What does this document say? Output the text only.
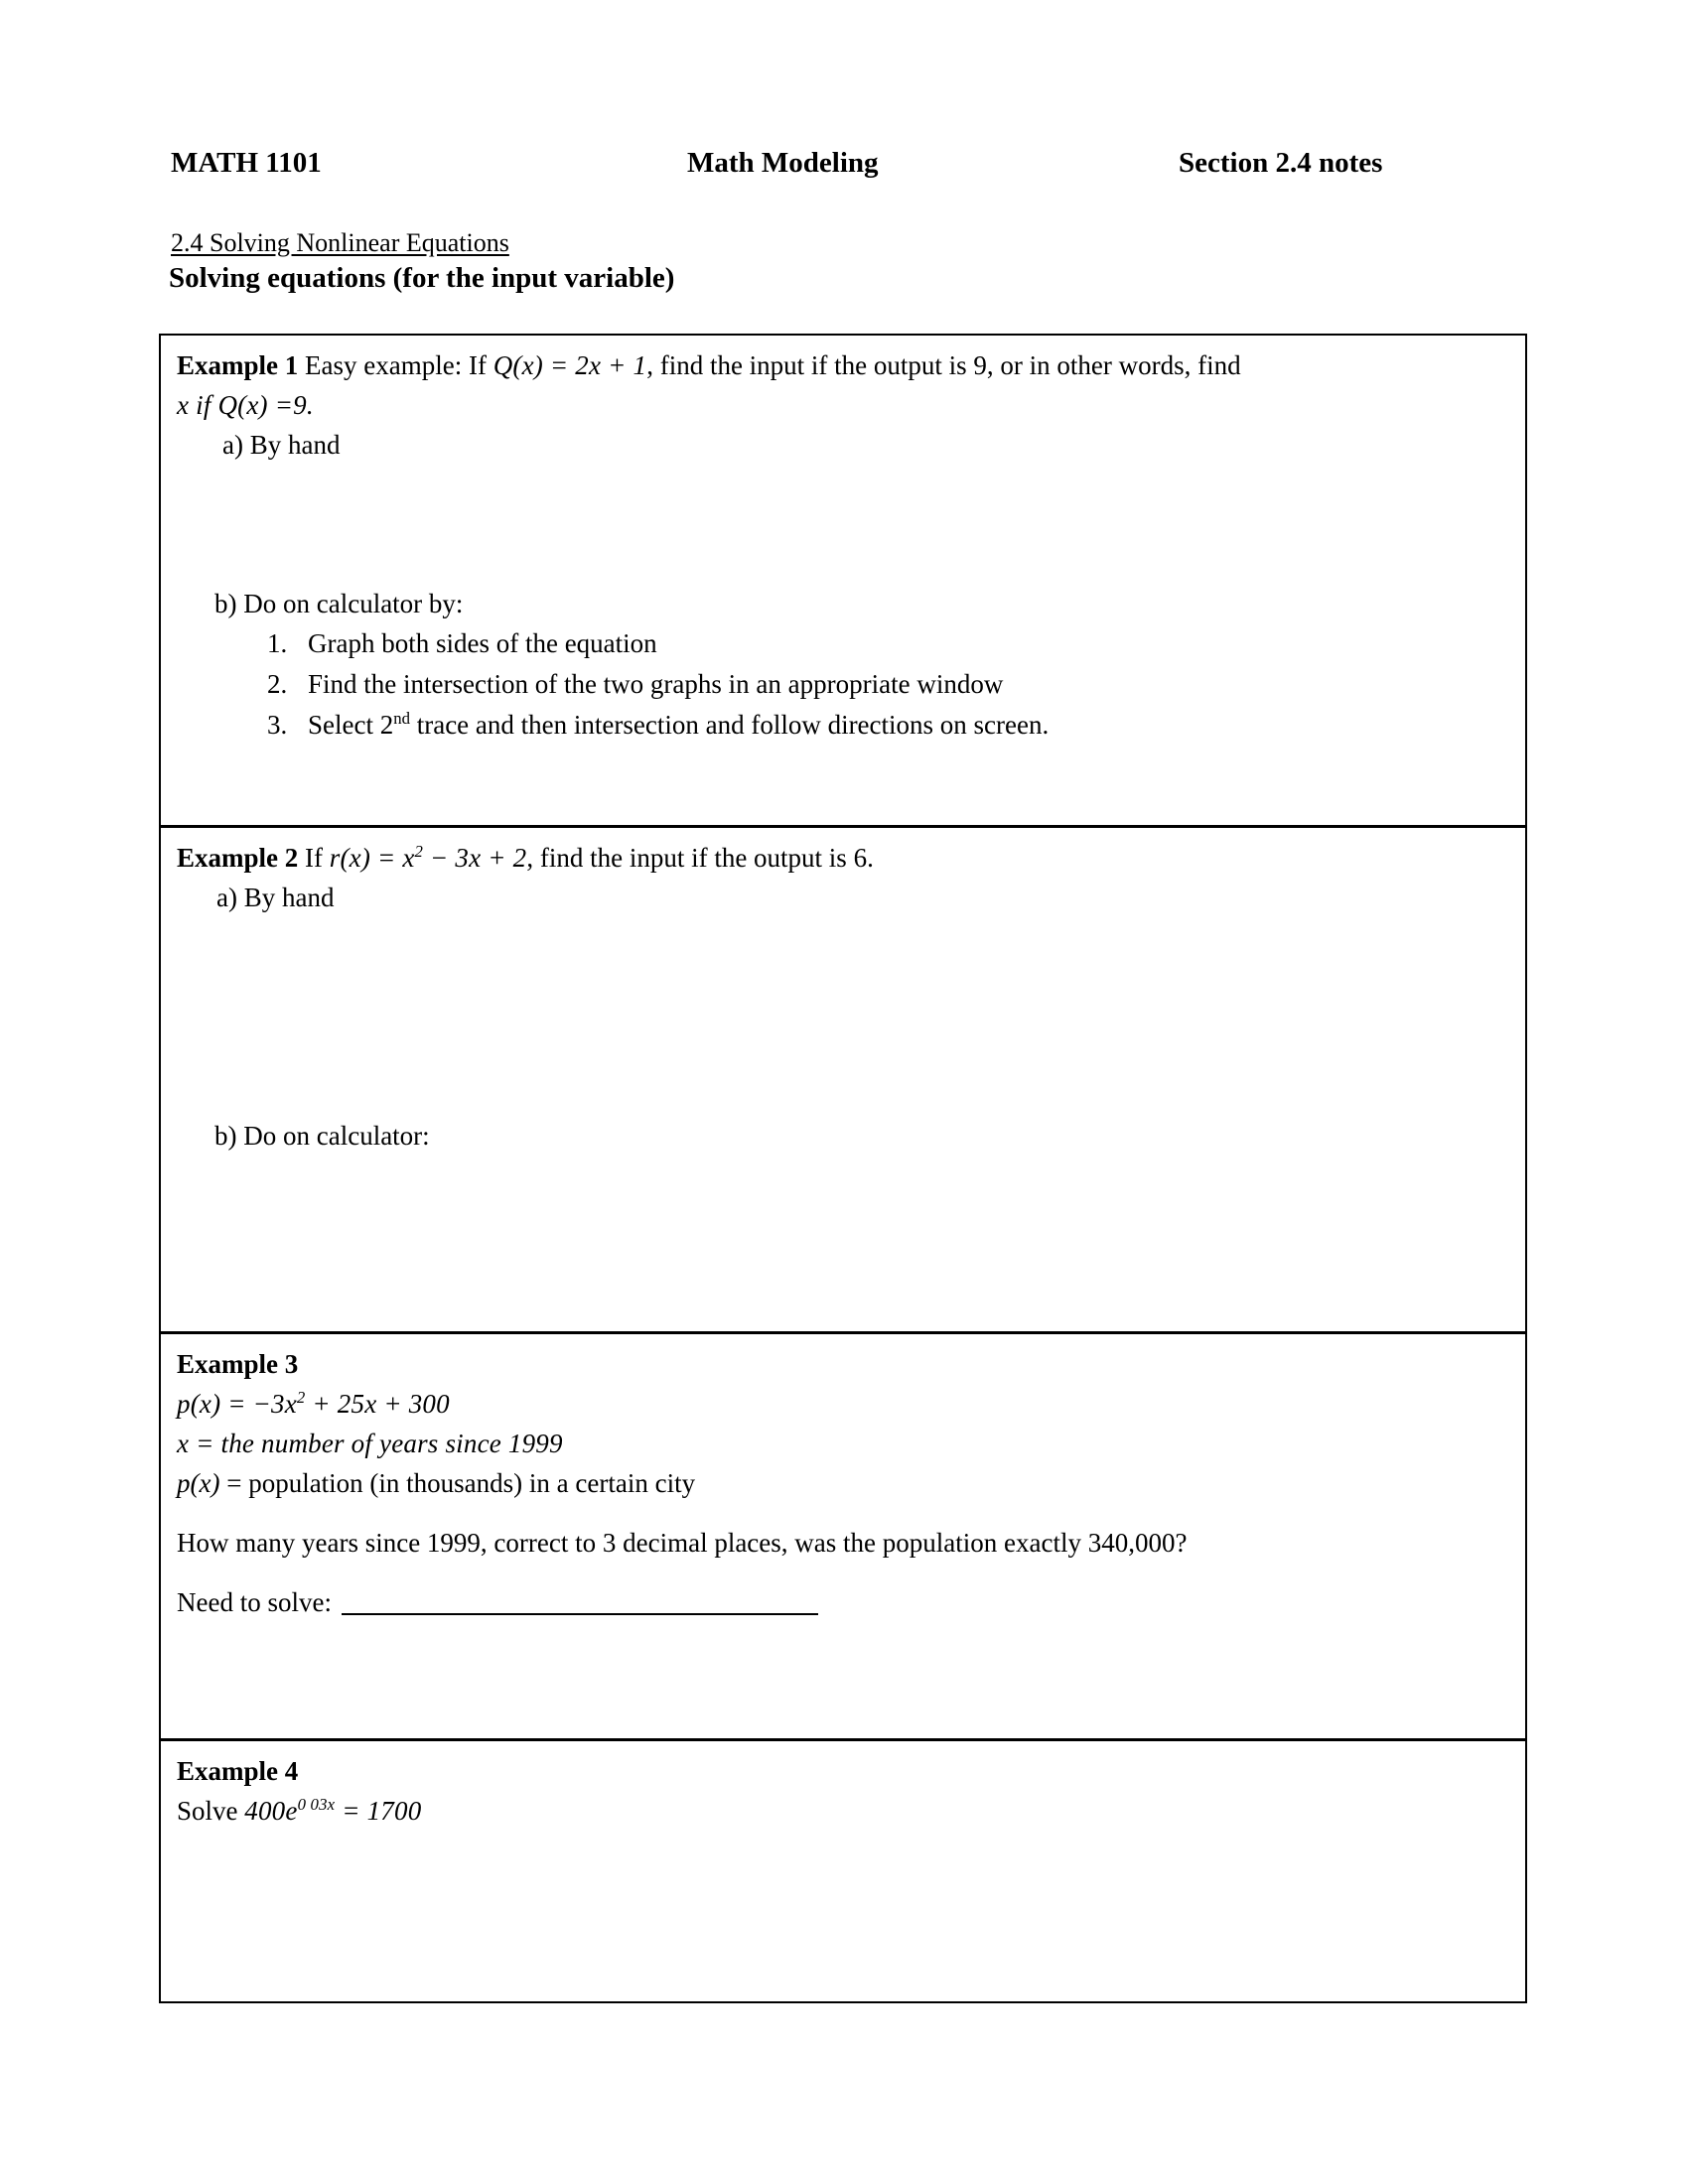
MATH 1101	Math Modeling	Section 2.4 notes
2.4 Solving Nonlinear Equations
Solving equations (for the input variable)
Example 1 Easy example: If Q(x) = 2x + 1, find the input if the output is 9, or in other words, find
x if Q(x) =9.
a) By hand
b) Do on calculator by:
1. Graph both sides of the equation
2. Find the intersection of the two graphs in an appropriate window
3. Select 2nd trace and then intersection and follow directions on screen.
Example 2 If $r(x) = x^2 - 3x + 2$, find the input if the output is 6.
a) By hand
b) Do on calculator:
Example 3
$p(x) = -3x^2 + 25x + 300$
x = the number of years since 1999
p(x) = population (in thousands) in a certain city
How many years since 1999, correct to 3 decimal places, was the population exactly 340,000?
Need to solve:
Example 4
Solve $400e^{0 03x} = 1700$
